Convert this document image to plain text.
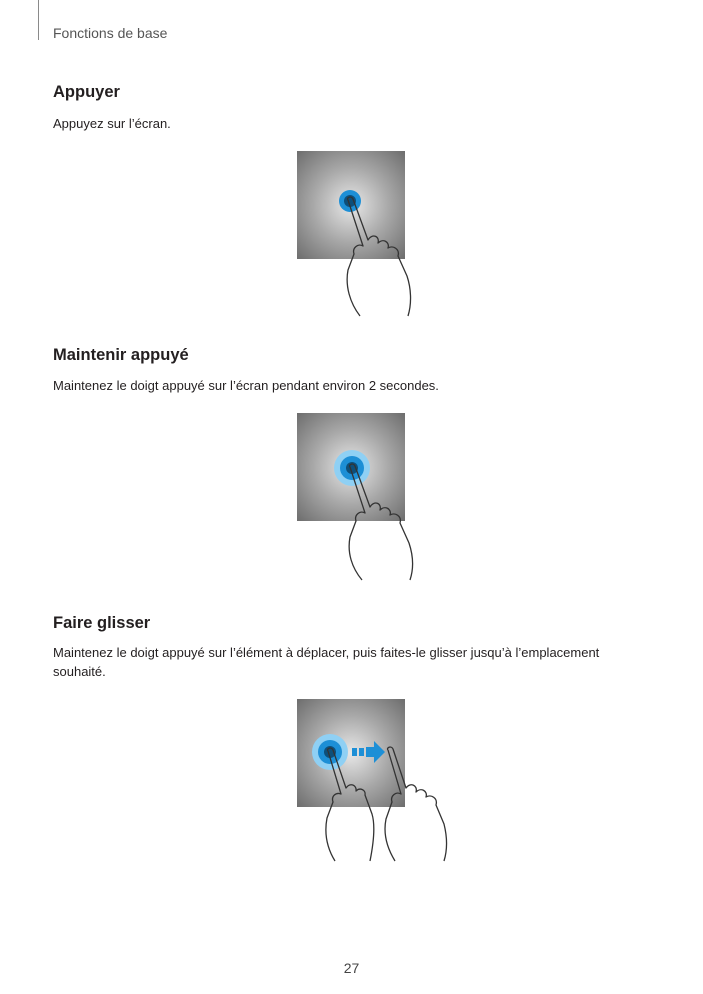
Fonctions de base
Appuyer
Appuyez sur l’écran.
Maintenir appuyé
Maintenez le doigt appuyé sur l’écran pendant environ 2 secondes.
Faire glisser
Maintenez le doigt appuyé sur l’élément à déplacer, puis faites-le glisser jusqu’à l’emplacement souhaité.
27
